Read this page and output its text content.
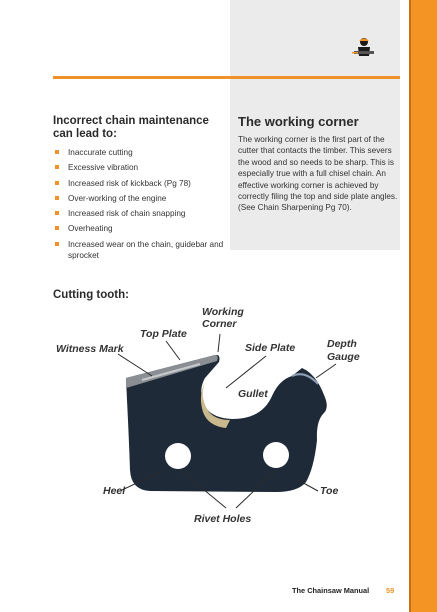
Incorrect chain maintenance can lead to:
Inaccurate cutting
Excessive vibration
Increased risk of kickback (Pg 78)
Over-working of the engine
Increased risk of chain snapping
Overheating
Increased wear on the chain, guidebar and sprocket
The working corner

The working corner is the first part of the cutter that contacts the timber. This severs the wood and so needs to be sharp. This is especially true with a full chisel chain. An effective working corner is achieved by correctly filing the top and side plate angles. (See Chain Sharpening Pg 70).

Cutting tooth:
Witness Mark
Top Plate
Working
Corner
Side Plate	Depth
Gauge
Gullet
Heel	Toe
Rivet Holes
The Chainsaw Manual 59
